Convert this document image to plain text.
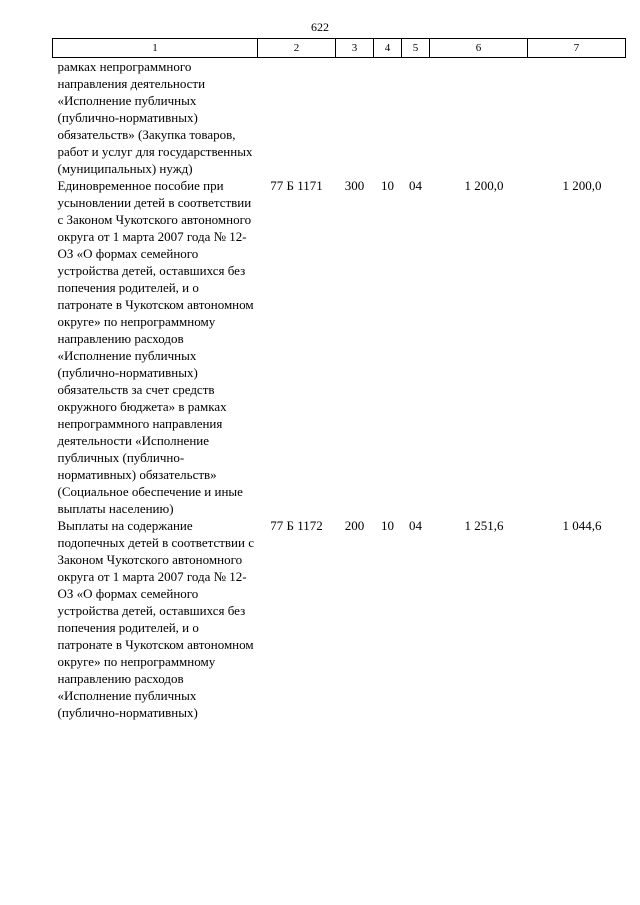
622
1	2	3	4	5	6	7
рамках непрограммного направления деятельности «Исполнение публичных (публично-нормативных) обязательств» (Закупка товаров, работ и услуг для государственных (муниципальных) нужд)						
Единовременное пособие при усыновлении детей в соответствии с Законом Чукотского автономного округа от 1 марта 2007 года № 12-ОЗ «О формах семейного устройства детей, оставшихся без попечения родителей, и о патронате в Чукотском автономном округе» по непрограммному направлению расходов «Исполнение публичных (публично-нормативных) обязательств за счет средств окружного бюджета» в рамках непрограммного направления деятельности «Исполнение публичных (публично-нормативных) обязательств» (Социальное обеспечение и иные выплаты населению)	77 Б 1171	300	10	04	1 200,0	1 200,0
Выплаты на содержание подопечных детей в соответствии с Законом Чукотского автономного округа от 1 марта 2007 года № 12-ОЗ «О формах семейного устройства детей, оставшихся без попечения родителей, и о патронате в Чукотском автономном округе» по непрограммному направлению расходов «Исполнение публичных (публично-нормативных)	77 Б 1172	200	10	04	1 251,6	1 044,6
